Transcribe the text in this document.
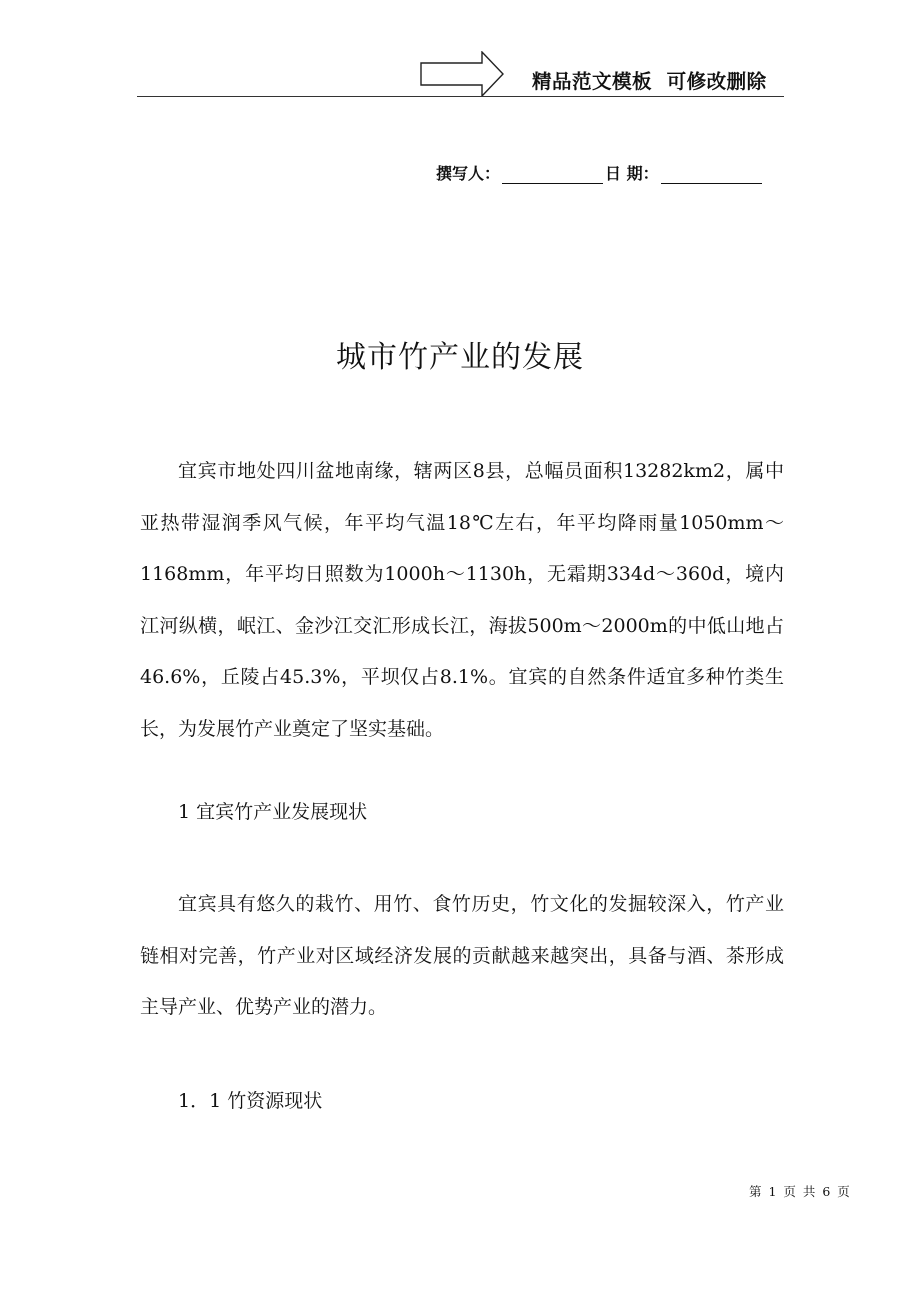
精品范文模板  可修改删除
撰写人：	日 期：
城市竹产业的发展

宜宾市地处四川盆地南缘，辖两区8县，总幅员面积13282km2，属中亚热带湿润季风气候，年平均气温18℃左右，年平均降雨量1050mm～1168mm，年平均日照数为1000h～1130h，无霜期334d～360d，境内江河纵横，岷江、金沙江交汇形成长江，海拔500m～2000m的中低山地占46.6%，丘陵占45.3%，平坝仅占8.1%。宜宾的自然条件适宜多种竹类生长，为发展竹产业奠定了坚实基础。

1 宜宾竹产业发展现状

宜宾具有悠久的栽竹、用竹、食竹历史，竹文化的发掘较深入，竹产业链相对完善，竹产业对区域经济发展的贡献越来越突出，具备与酒、茶形成主导产业、优势产业的潜力。

1．1 竹资源现状

第 1 页 共 6 页
